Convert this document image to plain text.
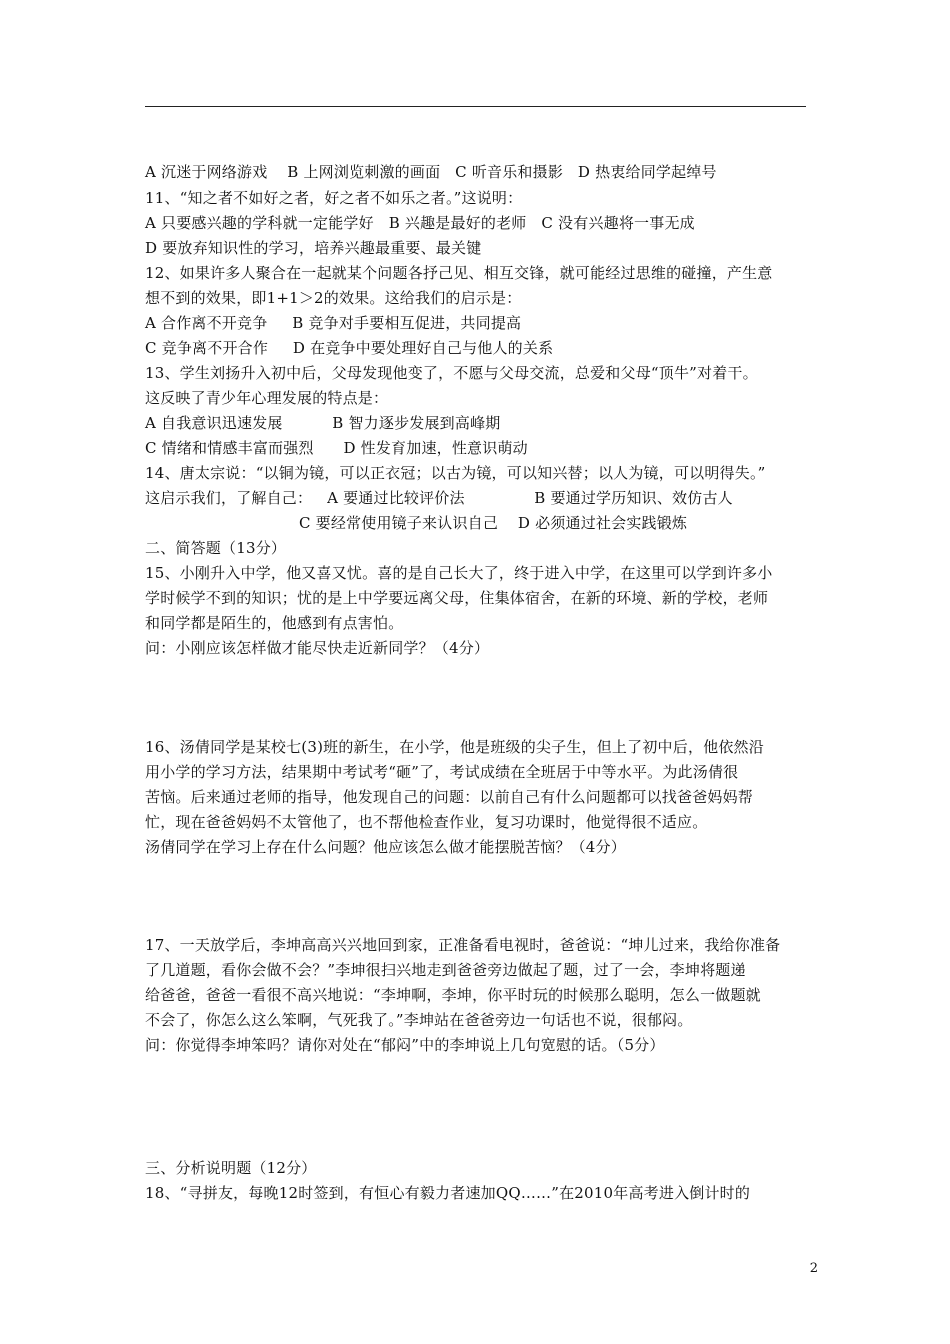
A 沉迷于网络游戏    B 上网浏览刺激的画面   C 听音乐和摄影   D 热衷给同学起绰号
11、“知之者不如好之者，好之者不如乐之者。”这说明：
A 只要感兴趣的学科就一定能学好   B 兴趣是最好的老师   C 没有兴趣将一事无成
D 要放弃知识性的学习，培养兴趣最重要、最关键
12、如果许多人聚合在一起就某个问题各抒己见、相互交锋，就可能经过思维的碰撞，产生意
想不到的效果，即1+1＞2的效果。这给我们的启示是：
A 合作离不开竞争     B 竞争对手要相互促进，共同提高
C 竞争离不开合作     D 在竞争中要处理好自己与他人的关系
13、学生刘扬升入初中后，父母发现他变了，不愿与父母交流，总爱和父母“顶牛”对着干。
这反映了青少年心理发展的特点是：
A 自我意识迅速发展          B 智力逐步发展到高峰期
C 情绪和情感丰富而强烈      D 性发育加速，性意识萌动
14、唐太宗说：“以铜为镜，可以正衣冠；以古为镜，可以知兴替；以人为镜，可以明得失。”
这启示我们，了解自己：   A 要通过比较评价法              B 要通过学历知识、效仿古人
C 要经常使用镜子来认识自己    D 必须通过社会实践锻炼
二、简答题（13分）
15、小刚升入中学，他又喜又忧。喜的是自己长大了，终于进入中学，在这里可以学到许多小
学时候学不到的知识；忧的是上中学要远离父母，住集体宿舍，在新的环境、新的学校，老师
和同学都是陌生的，他感到有点害怕。
问：小刚应该怎样做才能尽快走近新同学？（4分）
16、汤倩同学是某校七(3)班的新生，在小学，他是班级的尖子生，但上了初中后，他依然沿
用小学的学习方法，结果期中考试考“砸”了，考试成绩在全班居于中等水平。为此汤倩很
苦恼。后来通过老师的指导，他发现自己的问题：以前自己有什么问题都可以找爸爸妈妈帮
忙，现在爸爸妈妈不太管他了，也不帮他检查作业，复习功课时，他觉得很不适应。
汤倩同学在学习上存在什么问题？他应该怎么做才能摆脱苦恼？（4分）
17、一天放学后，李坤高高兴兴地回到家，正准备看电视时，爸爸说：“坤儿过来，我给你准备
了几道题，看你会做不会？”李坤很扫兴地走到爸爸旁边做起了题，过了一会，李坤将题递
给爸爸，爸爸一看很不高兴地说：“李坤啊，李坤，你平时玩的时候那么聪明，怎么一做题就
不会了，你怎么这么笨啊，气死我了。”李坤站在爸爸旁边一句话也不说，很郁闷。
问：你觉得李坤笨吗？请你对处在“郁闷”中的李坤说上几句宽慰的话。（5分）
三、分析说明题（12分）
18、“寻拼友，每晚12时签到，有恒心有毅力者速加QQ……”在2010年高考进入倒计时的
2
